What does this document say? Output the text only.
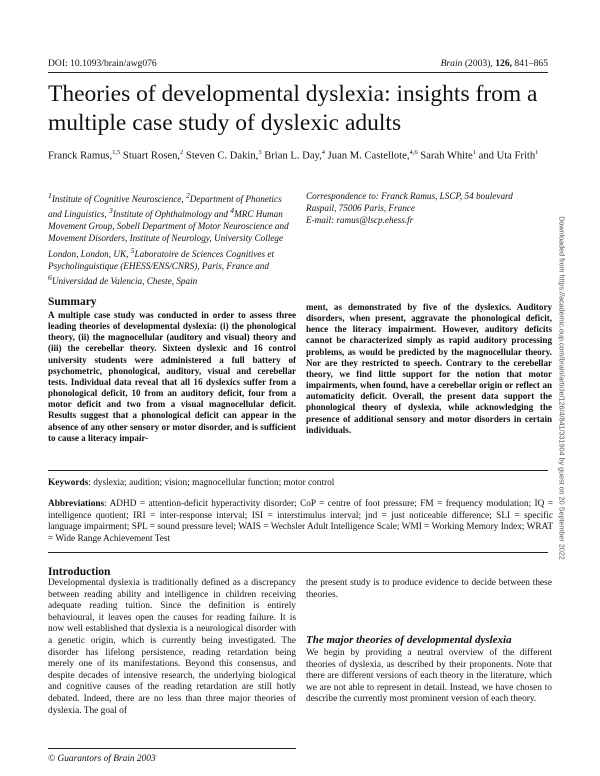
DOI: 10.1093/brain/awg076	Brain (2003), 126, 841–865
Theories of developmental dyslexia: insights from a multiple case study of dyslexic adults
Franck Ramus,$^{1,5}$ Stuart Rosen,$^2$ Steven C. Dakin,$^3$ Brian L. Day,$^4$ Juan M. Castellote,$^{4,6}$ Sarah White$^1$ and Uta Frith$^1$
$^1$Institute of Cognitive Neuroscience, $^2$Department of Phonetics and Linguistics, $^3$Institute of Ophthalmology and $^4$MRC Human Movement Group, Sobell Department of Motor Neuroscience and Movement Disorders, Institute of Neurology, University College London, London, UK, $^5$Laboratoire de Sciences Cognitives et Psycholinguistique (EHESS/ENS/CNRS), Paris, France and $^6$Universidad de Valencia, Cheste, Spain
Correspondence to: Franck Ramus, LSCP, 54 boulevard
Raspail, 75006 Paris, France
E-mail: ramus@lscp.ehess.fr
Summary
A multiple case study was conducted in order to assess three leading theories of developmental dyslexia: (i) the phonological theory, (ii) the magnocellular (auditory and visual) theory and (iii) the cerebellar theory. Sixteen dyslexic and 16 control university students were administered a full battery of psychometric, phonological, auditory, visual and cerebellar tests. Individual data reveal that all 16 dyslexics suffer from a phonological deficit, 10 from an auditory deficit, four from a motor deficit and two from a visual magnocellular deficit. Results suggest that a phonological deficit can appear in the absence of any other sensory or motor disorder, and is sufficient to cause a literacy impair-
ment, as demonstrated by five of the dyslexics. Auditory disorders, when present, aggravate the phonological deficit, hence the literacy impairment. However, auditory deficits cannot be characterized simply as rapid auditory processing problems, as would be predicted by the magnocellular theory. Nor are they restricted to speech. Contrary to the cerebellar theory, we find little support for the notion that motor impairments, when found, have a cerebellar origin or reflect an automaticity deficit. Overall, the present data support the phonological theory of dyslexia, while acknowledging the presence of additional sensory and motor disorders in certain individuals.
Keywords: dyslexia; audition; vision; magnocellular function; motor control
Abbreviations: ADHD = attention-deficit hyperactivity disorder; CoP = centre of foot pressure; FM = frequency modulation; IQ = intelligence quotient; IRI = inter-response interval; ISI = interstimulus interval; jnd = just noticeable difference; SLI = specific language impairment; SPL = sound pressure level; WAIS = Wechsler Adult Intelligence Scale; WMI = Working Memory Index; WRAT = Wide Range Achievement Test
Introduction
Developmental dyslexia is traditionally defined as a discrepancy between reading ability and intelligence in children receiving adequate reading tuition. Since the definition is entirely behavioural, it leaves open the causes for reading failure. It is now well established that dyslexia is a neurological disorder with a genetic origin, which is currently being investigated. The disorder has lifelong persistence, reading retardation being merely one of its manifestations. Beyond this consensus, and despite decades of intensive research, the underlying biological and cognitive causes of the reading retardation are still hotly debated. Indeed, there are no less than three major theories of dyslexia. The goal of
the present study is to produce evidence to decide between these theories.
The major theories of developmental dyslexia
We begin by providing a neutral overview of the different theories of dyslexia, as described by their proponents. Note that there are different versions of each theory in the literature, which we are not able to represent in detail. Instead, we have chosen to describe the currently most prominent version of each theory.
© Guarantors of Brain 2003
Downloaded from https://academic.oup.com/brain/article/126/4/841/331904 by guest on 20 September 2022
